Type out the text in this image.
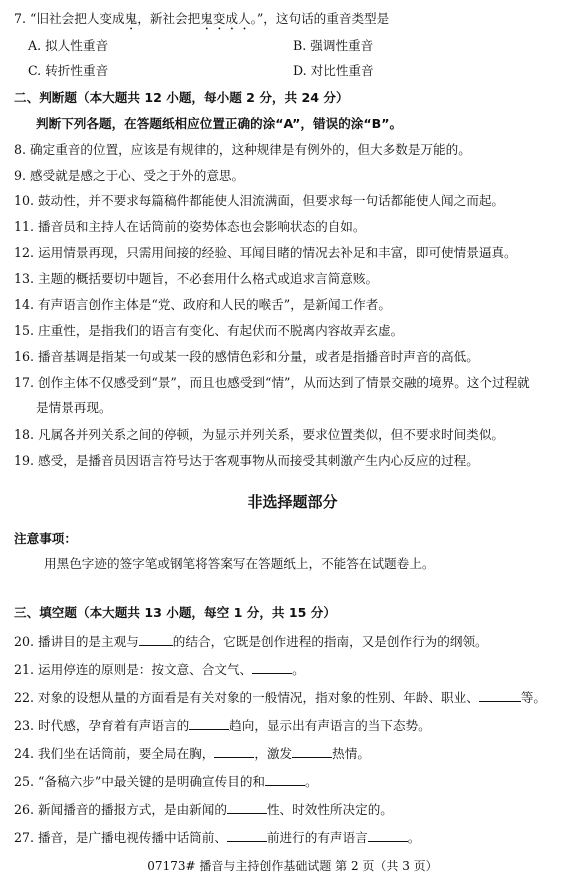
7. “旧社会把人变成鬼，新社会把鬼变成人。”，这句话的重音类型是
A. 拟人性重音	B. 强调性重音
C. 转折性重音	D. 对比性重音
二、判断题（本大题共 12 小题，每小题 2 分，共 24 分）
判断下列各题，在答题纸相应位置正确的涂“A”，错误的涂“B”。
8. 确定重音的位置，应该是有规律的，这种规律是有例外的，但大多数是万能的。
9. 感受就是感之于心、受之于外的意思。
10. 鼓动性，并不要求每篇稿件都能使人泪流满面，但要求每一句话都能使人闻之而起。
11. 播音员和主持人在话筒前的姿势体态也会影响状态的自如。
12. 运用情景再现，只需用间接的经验、耳闻目睹的情况去补足和丰富，即可使情景逼真。
13. 主题的概括要切中题旨，不必套用什么格式或追求言简意赅。
14. 有声语言创作主体是“党、政府和人民的喉舌”，是新闻工作者。
15. 庄重性，是指我们的语言有变化、有起伏而不脱离内容故弄玄虚。
16. 播音基调是指某一句或某一段的感情色彩和分量，或者是指播音时声音的高低。
17. 创作主体不仅感受到“景”，而且也感受到“情”，从而达到了情景交融的境界。这个过程就
是情景再现。
18. 凡属各并列关系之间的停顿，为显示并列关系，要求位置类似，但不要求时间类似。
19. 感受，是播音员因语言符号达于客观事物从而接受其刺激产生内心反应的过程。
非选择题部分
注意事项：
用黑色字迹的签字笔或钢笔将答案写在答题纸上，不能答在试题卷上。
三、填空题（本大题共 13 小题，每空 1 分，共 15 分）
20. 播讲目的是主观与	的结合，它既是创作进程的指南，又是创作行为的纲领。
21. 运用停连的原则是：按文意、合文气、	。
22. 对象的设想从量的方面看是有关对象的一般情况，指对象的性别、年龄、职业、	等。
23. 时代感，孕育着有声语言的	趋向，显示出有声语言的当下态势。
24. 我们坐在话筒前，要全局在胸，	，激发	热情。
25. “备稿六步”中最关键的是明确宣传目的和	。
26. 新闻播音的播报方式，是由新闻的	性、时效性所决定的。
27. 播音，是广播电视传播中话筒前、	前进行的有声语言	。
07173# 播音与主持创作基础试题 第 2 页（共 3 页）
